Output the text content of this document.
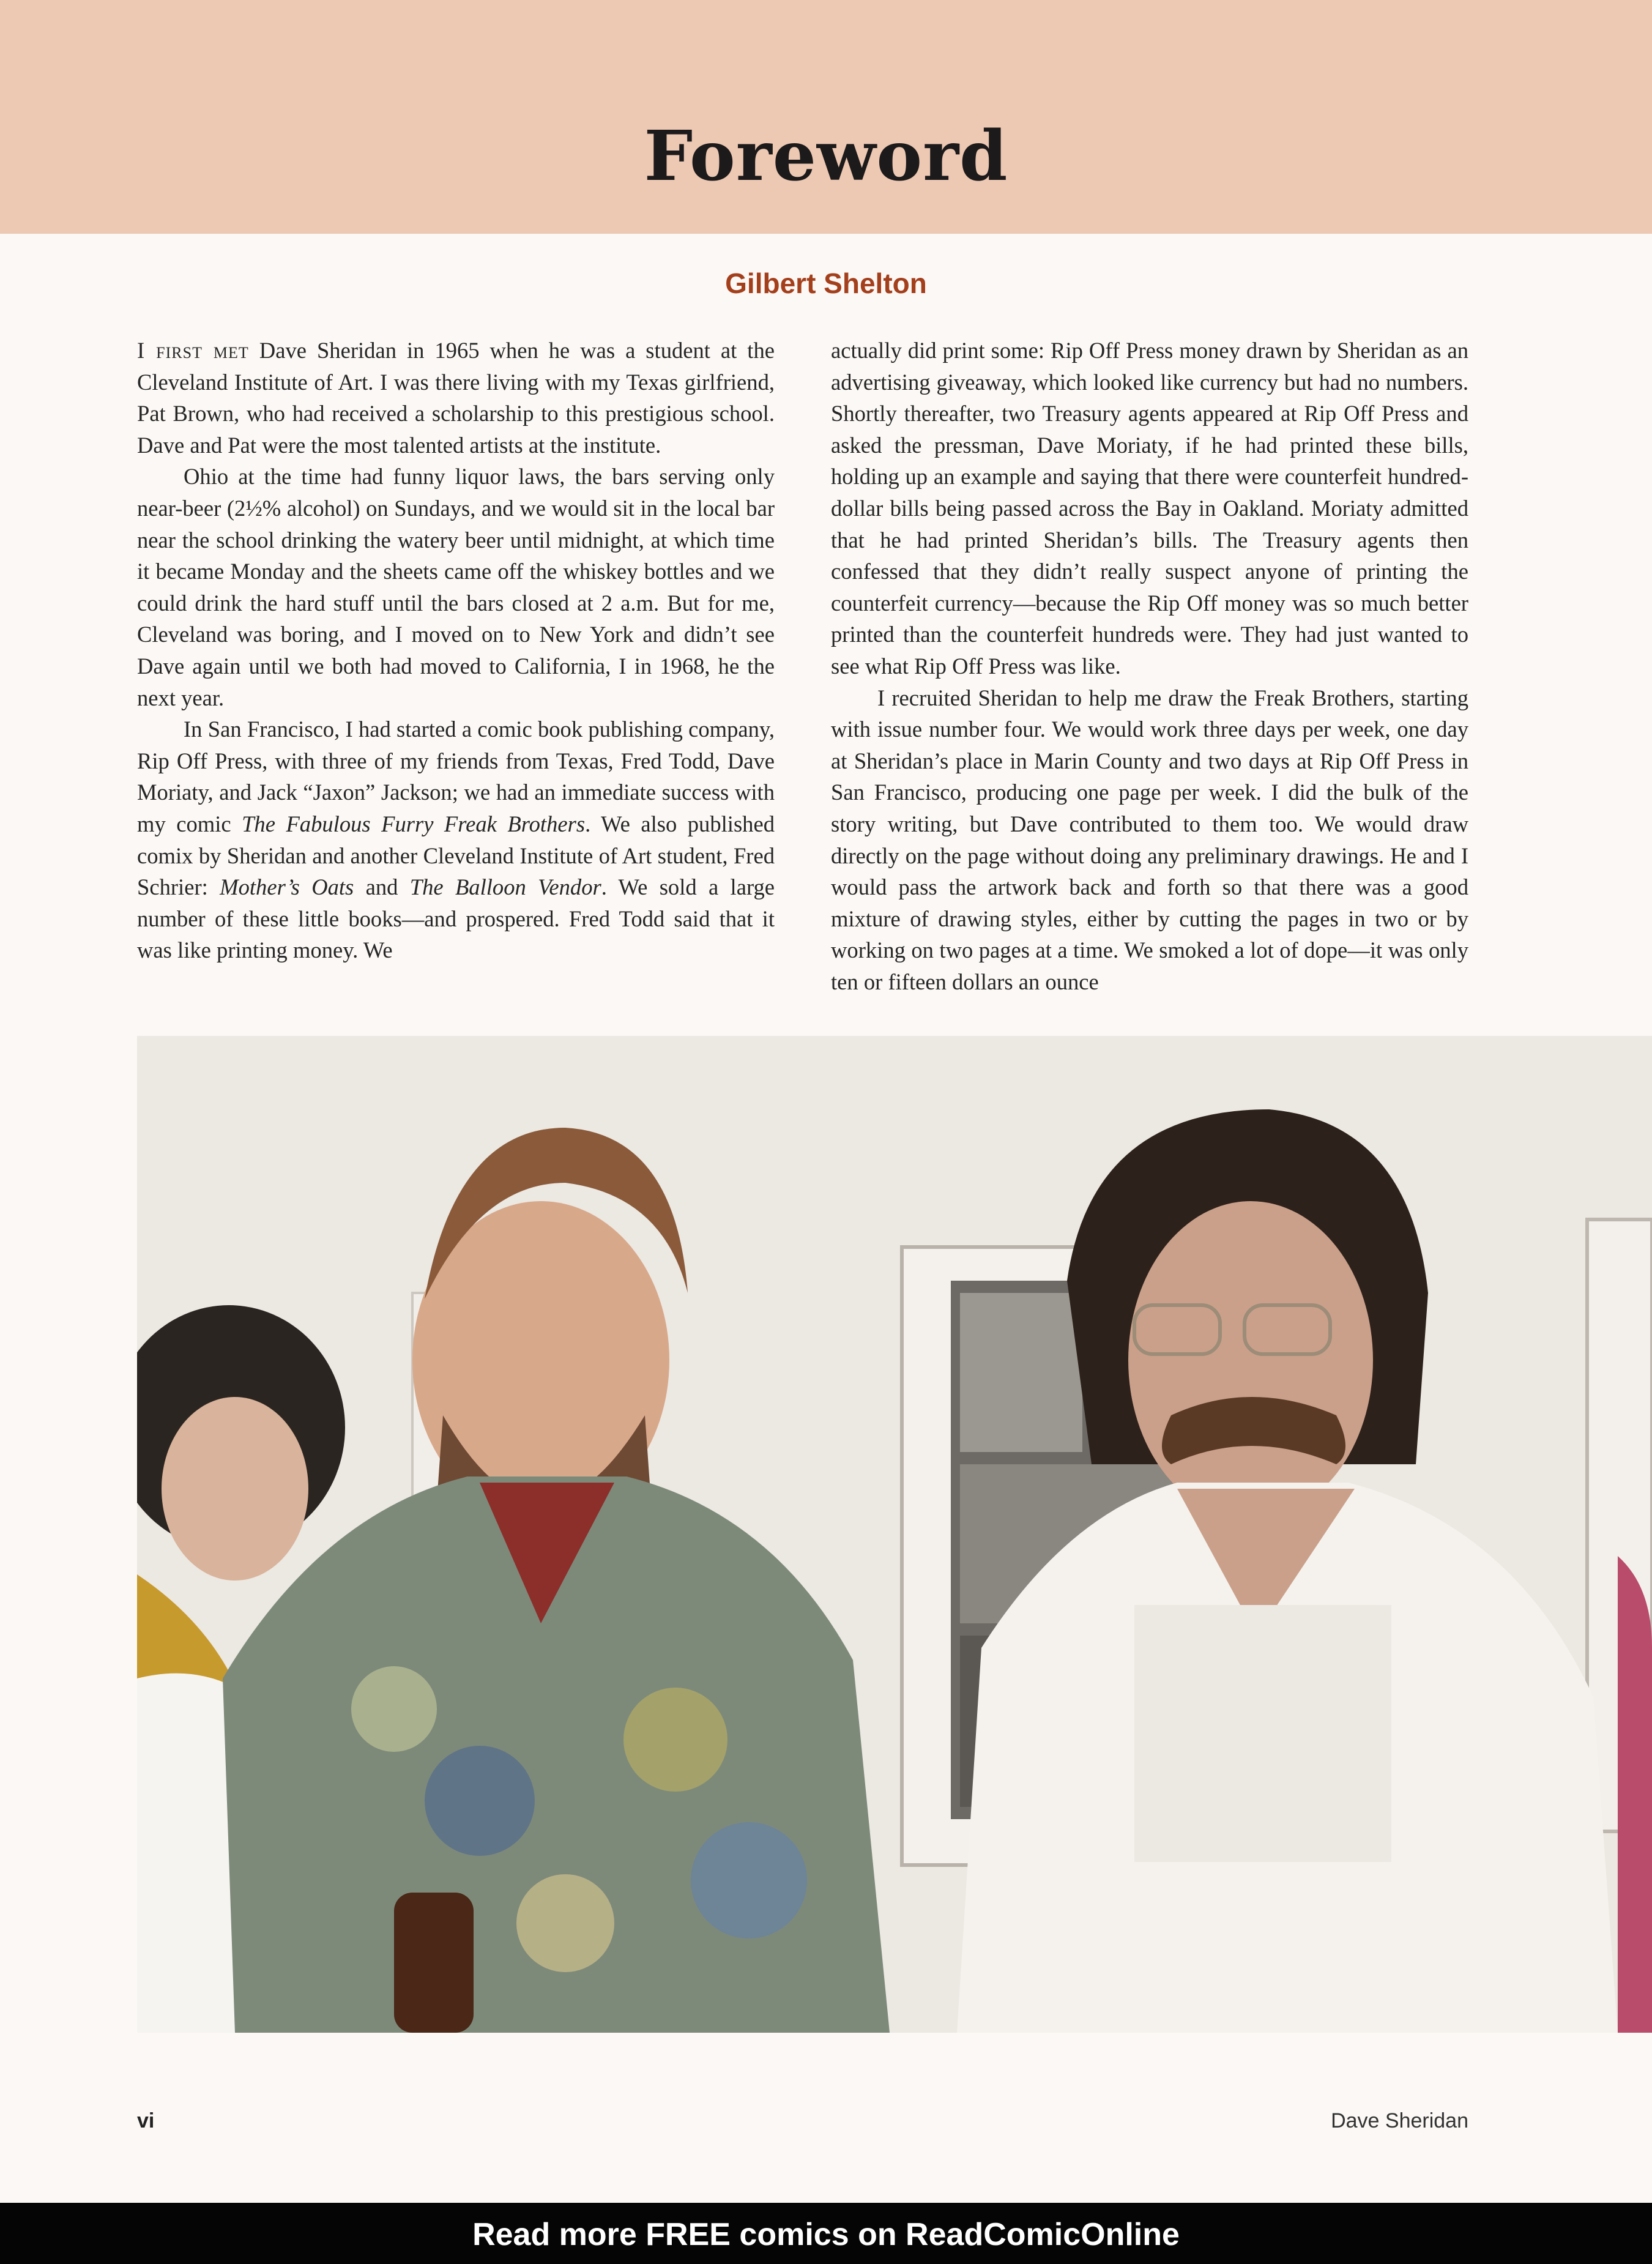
Foreword
Gilbert Shelton

I first met Dave Sheridan in 1965 when he was a student at the Cleveland Institute of Art. I was there living with my Texas girlfriend, Pat Brown, who had received a scholarship to this prestigious school. Dave and Pat were the most talented artists at the institute.

Ohio at the time had funny liquor laws, the bars serving only near-beer (2½% alcohol) on Sundays, and we would sit in the local bar near the school drinking the watery beer until midnight, at which time it became Monday and the sheets came off the whiskey bottles and we could drink the hard stuff until the bars closed at 2 a.m. But for me, Cleveland was boring, and I moved on to New York and didn’t see Dave again until we both had moved to California, I in 1968, he the next year.

In San Francisco, I had started a comic book publishing company, Rip Off Press, with three of my friends from Texas, Fred Todd, Dave Moriaty, and Jack “Jaxon” Jackson; we had an immediate success with my comic The Fabulous Furry Freak Brothers. We also published comix by Sheridan and another Cleveland Institute of Art student, Fred Schrier: Mother’s Oats and The Balloon Vendor. We sold a large number of these little books—and prospered. Fred Todd said that it was like printing money. We

actually did print some: Rip Off Press money drawn by Sheridan as an advertising giveaway, which looked like currency but had no numbers. Shortly thereafter, two Treasury agents appeared at Rip Off Press and asked the pressman, Dave Moriaty, if he had printed these bills, holding up an example and saying that there were counterfeit hundred-dollar bills being passed across the Bay in Oakland. Moriaty admitted that he had printed Sheridan’s bills. The Treasury agents then confessed that they didn’t really suspect anyone of printing the counterfeit currency—because the Rip Off money was so much better printed than the counterfeit hundreds were. They had just wanted to see what Rip Off Press was like.

I recruited Sheridan to help me draw the Freak Brothers, starting with issue number four. We would work three days per week, one day at Sheridan’s place in Marin County and two days at Rip Off Press in San Francisco, producing one page per week. I did the bulk of the story writing, but Dave contributed to them too. We would draw directly on the page without doing any preliminary drawings. He and I would pass the artwork back and forth so that there was a good mixture of drawing styles, either by cutting the pages in two or by working on two pages at a time. We smoked a lot of dope—it was only ten or fifteen dollars an ounce

vi	Dave Sheridan
Read more FREE comics on ReadComicOnline
